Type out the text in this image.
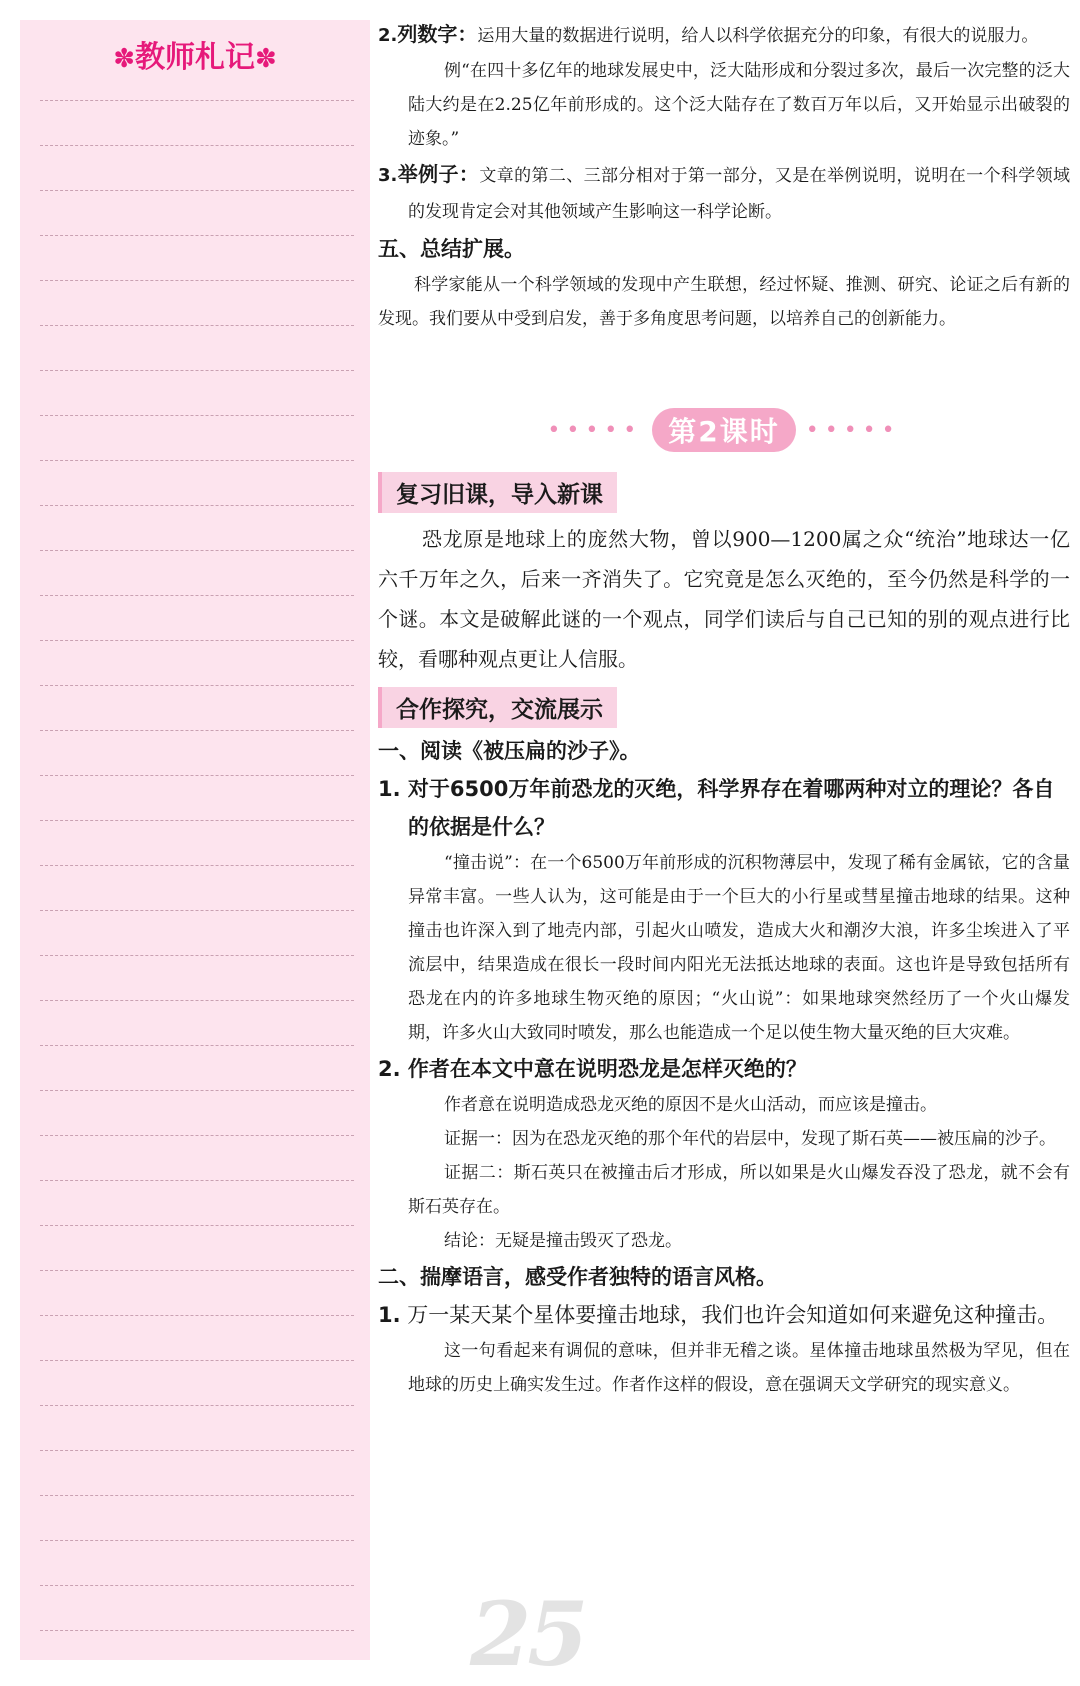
✽教师札记✽

2.列数字：运用大量的数据进行说明，给人以科学依据充分的印象，有很大的说服力。

例“在四十多亿年的地球发展史中，泛大陆形成和分裂过多次，最后一次完整的泛大陆大约是在2.25亿年前形成的。这个泛大陆存在了数百万年以后，又开始显示出破裂的迹象。”

3.举例子：文章的第二、三部分相对于第一部分，又是在举例说明，说明在一个科学领域的发现肯定会对其他领域产生影响这一科学论断。

五、总结扩展。

科学家能从一个科学领域的发现中产生联想，经过怀疑、推测、研究、论证之后有新的发现。我们要从中受到启发，善于多角度思考问题，以培养自己的创新能力。

••••• 第2课时	•••••
复习旧课，导入新课

恐龙原是地球上的庞然大物，曾以900—1200属之众“统治”地球达一亿六千万年之久，后来一齐消失了。它究竟是怎么灭绝的，至今仍然是科学的一个谜。本文是破解此谜的一个观点，同学们读后与自己已知的别的观点进行比较，看哪种观点更让人信服。

合作探究，交流展示

一、阅读《被压扁的沙子》。

1. 对于6500万年前恐龙的灭绝，科学界存在着哪两种对立的理论？各自的依据是什么？

“撞击说”：在一个6500万年前形成的沉积物薄层中，发现了稀有金属铱，它的含量异常丰富。一些人认为，这可能是由于一个巨大的小行星或彗星撞击地球的结果。这种撞击也许深入到了地壳内部，引起火山喷发，造成大火和潮汐大浪，许多尘埃进入了平流层中，结果造成在很长一段时间内阳光无法抵达地球的表面。这也许是导致包括所有恐龙在内的许多地球生物灭绝的原因；“火山说”：如果地球突然经历了一个火山爆发期，许多火山大致同时喷发，那么也能造成一个足以使生物大量灭绝的巨大灾难。

2. 作者在本文中意在说明恐龙是怎样灭绝的？

作者意在说明造成恐龙灭绝的原因不是火山活动，而应该是撞击。

证据一：因为在恐龙灭绝的那个年代的岩层中，发现了斯石英——被压扁的沙子。

证据二：斯石英只在被撞击后才形成，所以如果是火山爆发吞没了恐龙，就不会有斯石英存在。

结论：无疑是撞击毁灭了恐龙。

二、揣摩语言，感受作者独特的语言风格。

1. 万一某天某个星体要撞击地球，我们也许会知道如何来避免这种撞击。

这一句看起来有调侃的意味，但并非无稽之谈。星体撞击地球虽然极为罕见，但在地球的历史上确实发生过。作者作这样的假设，意在强调天文学研究的现实意义。

25
